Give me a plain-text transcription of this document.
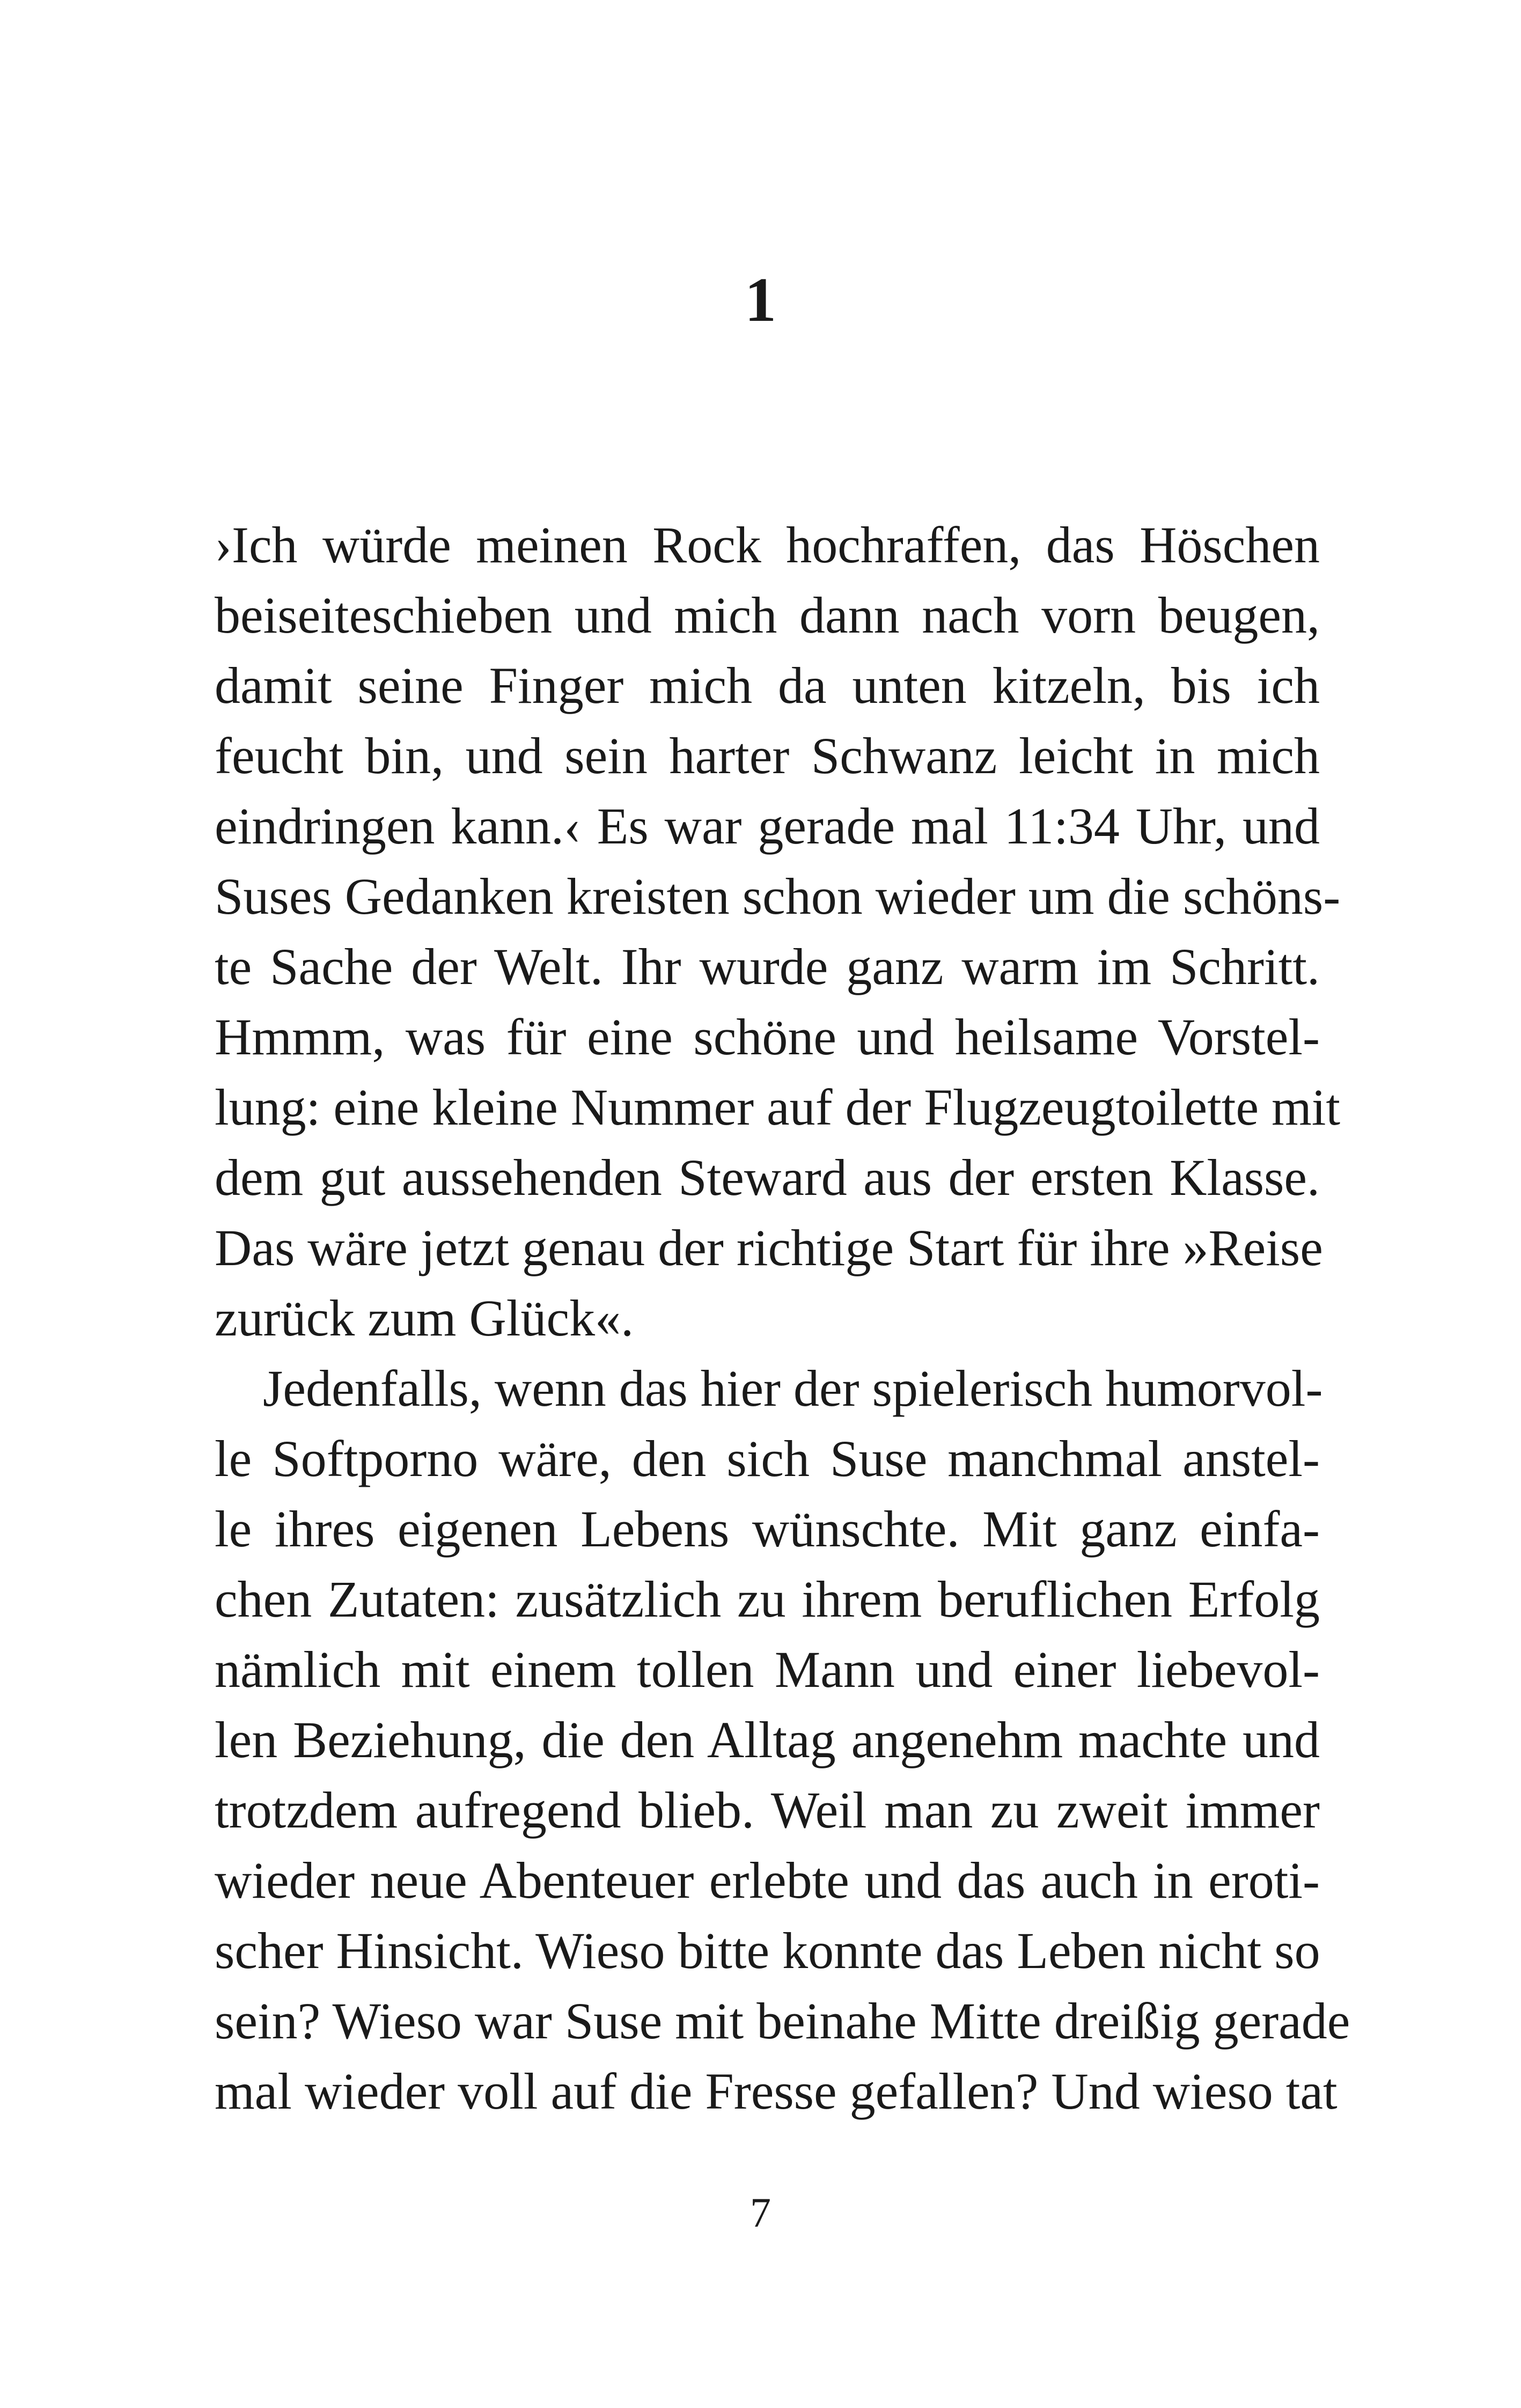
1
›Ich würde meinen Rock hochraffen, das Höschen
beiseiteschieben und mich dann nach vorn beugen,
damit seine Finger mich da unten kitzeln, bis ich
feucht bin, und sein harter Schwanz leicht in mich
eindringen kann.‹ Es war gerade mal 11:34 Uhr, und
Suses Gedanken kreisten schon wieder um die schöns-
te Sache der Welt. Ihr wurde ganz warm im Schritt.
Hmmm, was für eine schöne und heilsame Vorstel-
lung: eine kleine Nummer auf der Flugzeugtoilette mit
dem gut aussehenden Steward aus der ersten Klasse.
Das wäre jetzt genau der richtige Start für ihre »Reise
zurück zum Glück«.
Jedenfalls, wenn das hier der spielerisch humorvol-
le Softporno wäre, den sich Suse manchmal anstel-
le ihres eigenen Lebens wünschte. Mit ganz einfa-
chen Zutaten: zusätzlich zu ihrem beruflichen Erfolg
nämlich mit einem tollen Mann und einer liebevol-
len Beziehung, die den Alltag angenehm machte und
trotzdem aufregend blieb. Weil man zu zweit immer
wieder neue Abenteuer erlebte und das auch in eroti-
scher Hinsicht. Wieso bitte konnte das Leben nicht so
sein? Wieso war Suse mit beinahe Mitte dreißig gerade
mal wieder voll auf die Fresse gefallen? Und wieso tat
7
